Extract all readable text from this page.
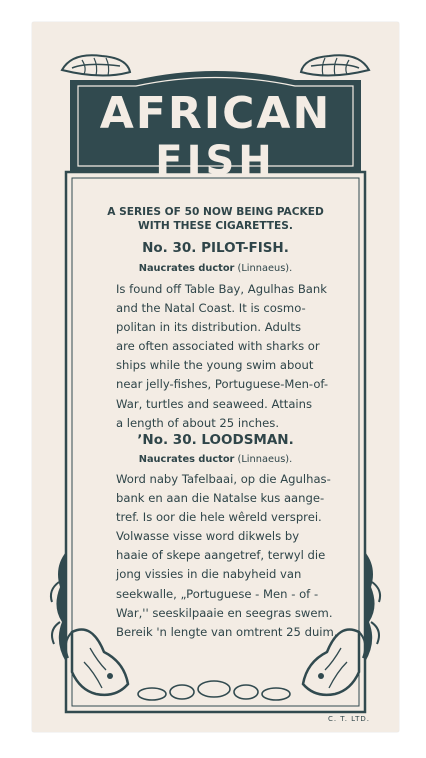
AFRICAN
FISH
A SERIES OF 50 NOW BEING PACKED
WITH THESE CIGARETTES.
No. 30. PILOT-FISH.
Naucrates ductor (Linnaeus).
Is found off Table Bay, Agulhas Bank
and the Natal Coast. It is cosmo-
politan in its distribution. Adults
are often associated with sharks or
ships while the young swim about
near jelly-fishes, Portuguese-Men-of-
War, turtles and seaweed. Attains
a length of about 25 inches.
ʼNo. 30. LOODSMAN.
Naucrates ductor (Linnaeus).
Word naby Tafelbaai, op die Agulhas-
bank en aan die Natalse kus aange-
tref. Is oor die hele wêreld versprei.
Volwasse visse word dikwels by
haaie of skepe aangetref, terwyl die
jong vissies in die nabyheid van
seekwalle, „Portuguese - Men - of -
War,'' seeskilpaaie en seegras swem.
Bereik 'n lengte van omtrent 25 duim.
C. T. LTD.
